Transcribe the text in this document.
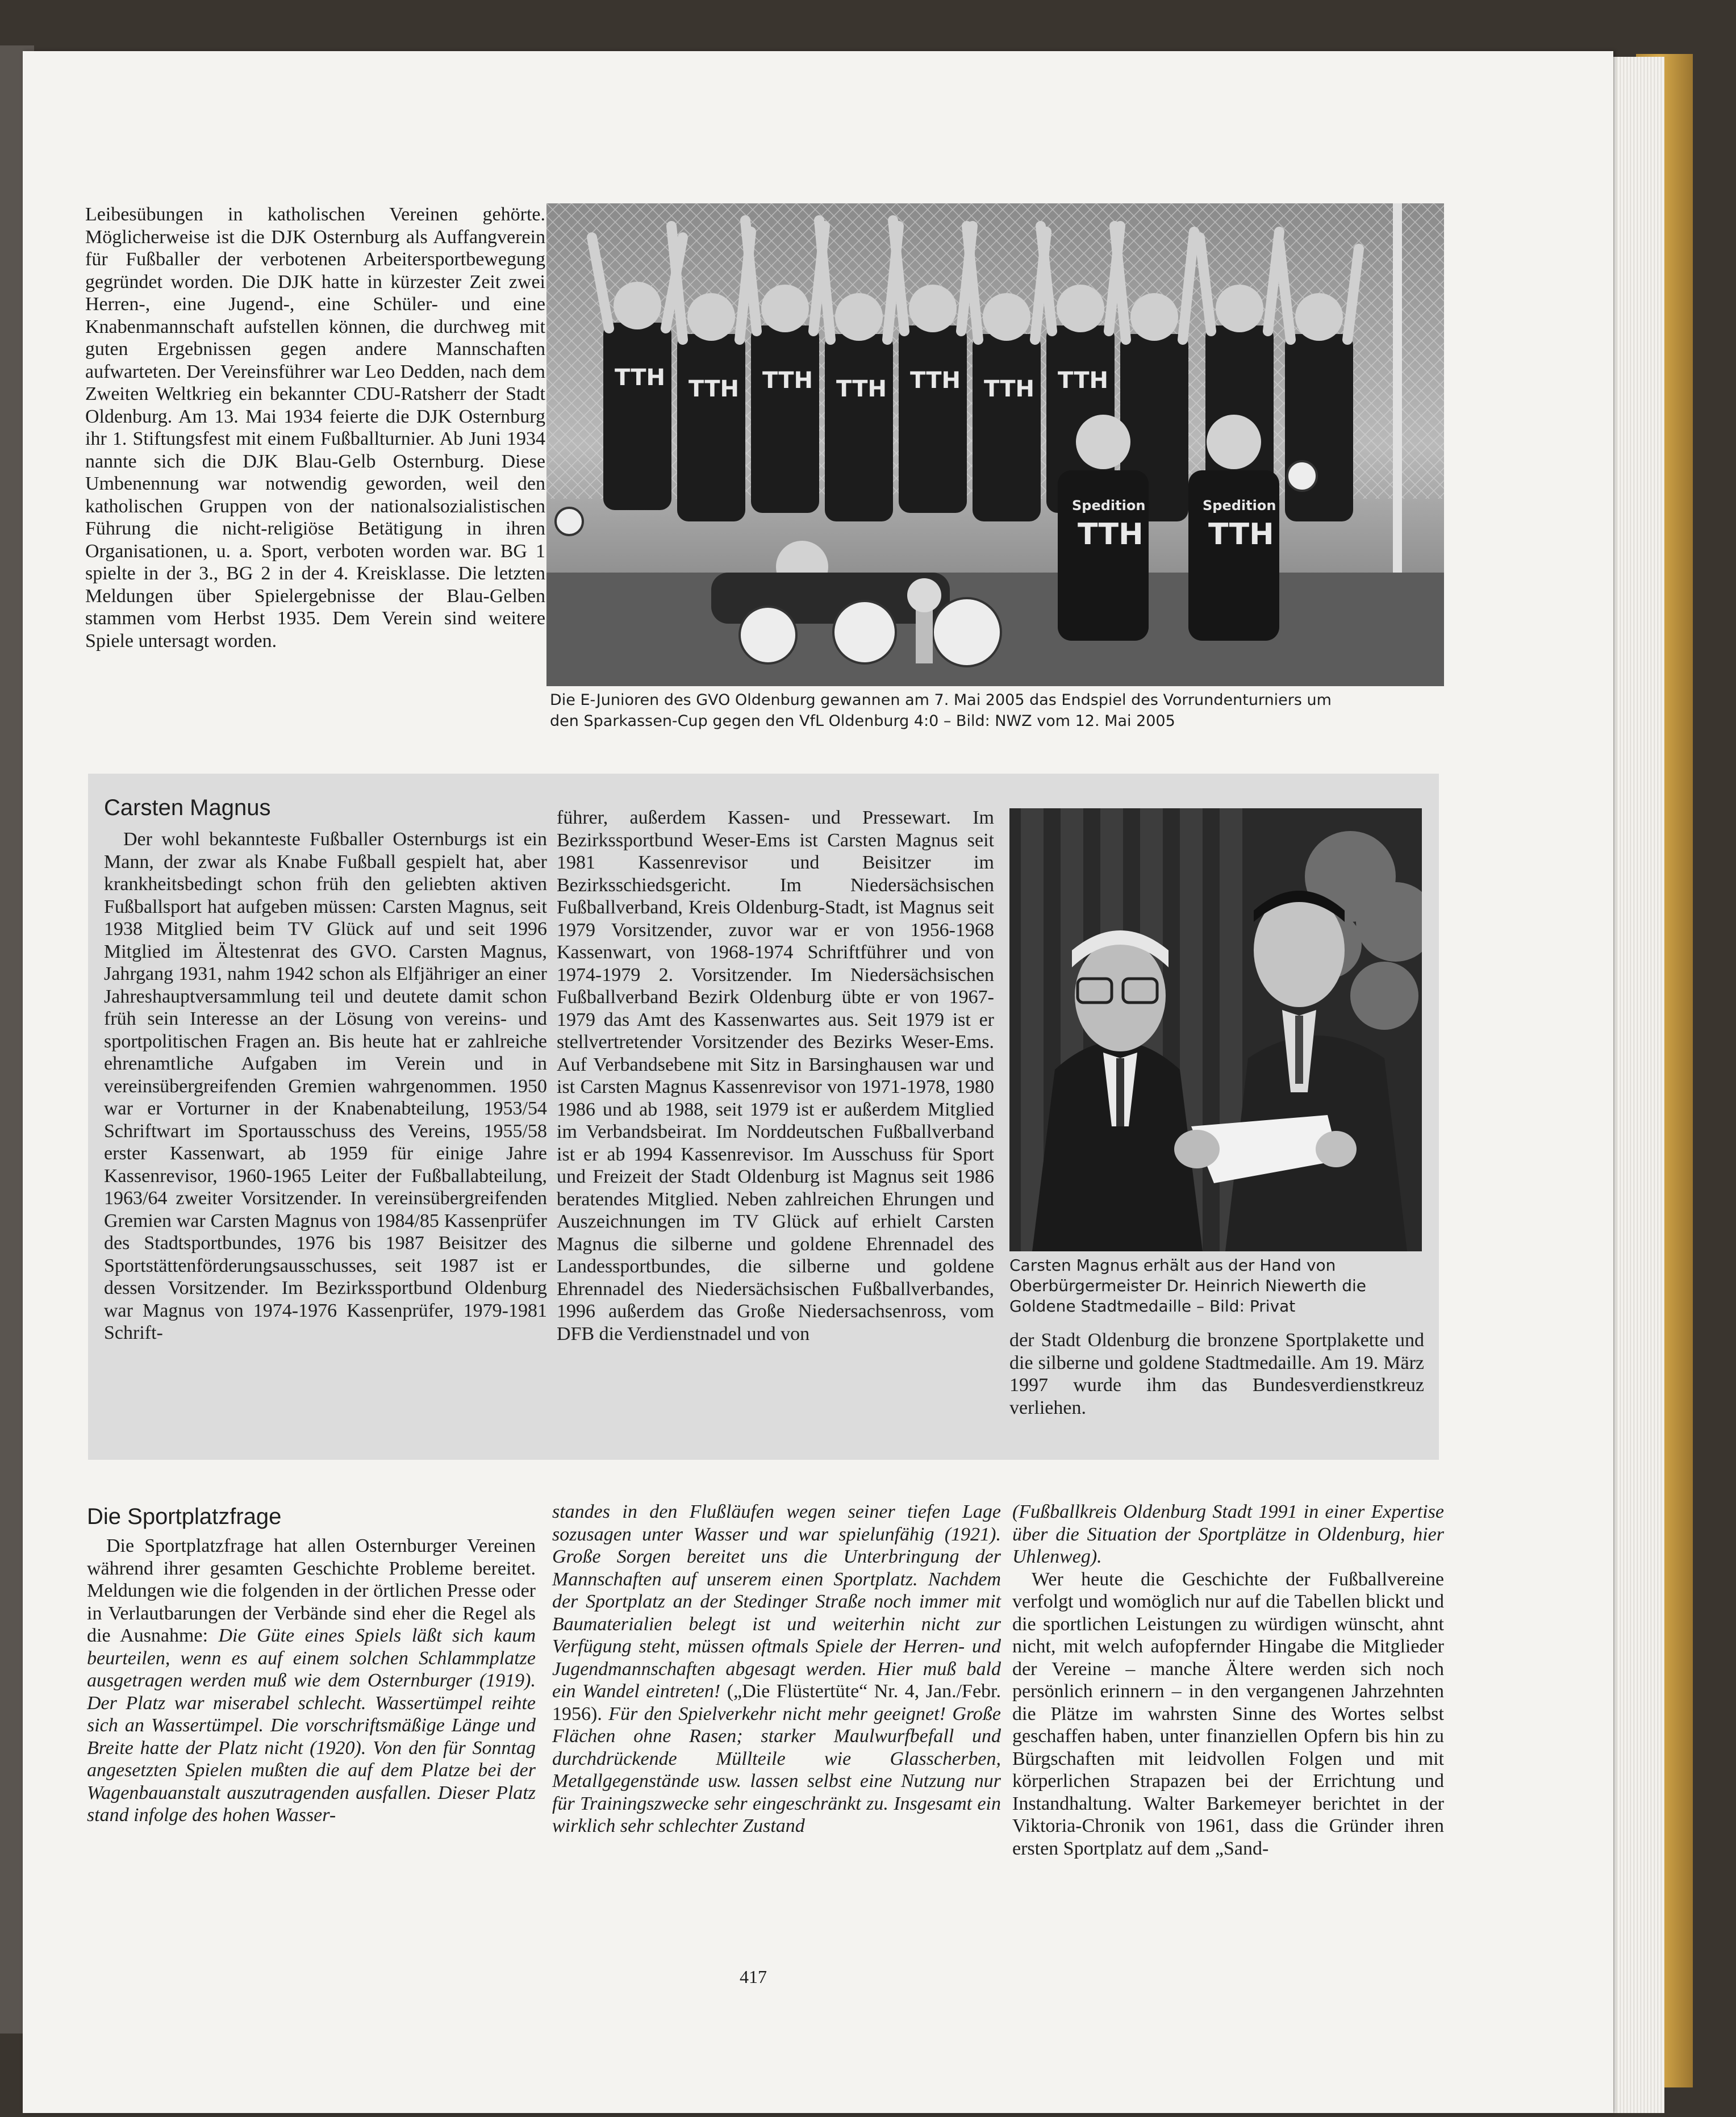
Leibesübungen in katholischen Vereinen gehörte. Möglicherweise ist die DJK Osternburg als Auffangverein für Fußballer der verbotenen Arbeitersportbewegung gegründet worden. Die DJK hatte in kürzester Zeit zwei Herren-, eine Jugend-, eine Schüler- und eine Knabenmannschaft aufstellen können, die durchweg mit guten Ergebnissen gegen andere Mannschaften aufwarteten. Der Vereinsführer war Leo Dedden, nach dem Zweiten Weltkrieg ein bekannter CDU-Ratsherr der Stadt Oldenburg. Am 13. Mai 1934 feierte die DJK Osternburg ihr 1. Stiftungsfest mit einem Fußballturnier. Ab Juni 1934 nannte sich die DJK Blau-Gelb Osternburg. Diese Umbenennung war notwendig geworden, weil den katholischen Gruppen von der nationalsozialistischen Führung die nicht-religiöse Betätigung in ihren Organisationen, u. a. Sport, verboten worden war. BG 1 spielte in der 3., BG 2 in der 4. Kreisklasse. Die letzten Meldungen über Spielergebnisse der Blau-Gelben stammen vom Herbst 1935. Dem Verein sind weitere Spiele untersagt worden.

TTH TTH TTH TTH TTH TTH TTH
TTH TTH
Spedition	Spedition
Die E-Junioren des GVO Oldenburg gewannen am 7. Mai 2005 das Endspiel des Vorrundenturniers um
den Sparkassen-Cup gegen den VfL Oldenburg 4:0 – Bild: NWZ vom 12. Mai 2005
Carsten Magnus

Der wohl bekannteste Fußballer Osternburgs ist ein Mann, der zwar als Knabe Fußball gespielt hat, aber krankheitsbedingt schon früh den geliebten aktiven Fußballsport hat aufgeben müssen: Carsten Magnus, seit 1938 Mitglied beim TV Glück auf und seit 1996 Mitglied im Ältestenrat des GVO. Carsten Magnus, Jahrgang 1931, nahm 1942 schon als Elfjähriger an einer Jahreshauptversammlung teil und deutete damit schon früh sein Interesse an der Lösung von vereins- und sportpolitischen Fragen an. Bis heute hat er zahlreiche ehrenamtliche Aufgaben im Verein und in vereinsübergreifenden Gremien wahrgenommen. 1950 war er Vorturner in der Knabenabteilung, 1953/54 Schriftwart im Sportausschuss des Vereins, 1955/58 erster Kassenwart, ab 1959 für einige Jahre Kassenrevisor, 1960-1965 Leiter der Fußballabteilung, 1963/64 zweiter Vorsitzender. In vereinsübergreifenden Gremien war Carsten Magnus von 1984/85 Kassenprüfer des Stadtsportbundes, 1976 bis 1987 Beisitzer des Sportstättenförderungsausschusses, seit 1987 ist er dessen Vorsitzender. Im Bezirkssportbund Oldenburg war Magnus von 1974-1976 Kassenprüfer, 1979-1981 Schrift-

führer, außerdem Kassen- und Pressewart. Im Bezirkssportbund Weser-Ems ist Carsten Magnus seit 1981 Kassenrevisor und Beisitzer im Bezirksschiedsgericht. Im Niedersächsischen Fußballverband, Kreis Oldenburg-Stadt, ist Magnus seit 1979 Vorsitzender, zuvor war er von 1956-1968 Kassenwart, von 1968-1974 Schriftführer und von 1974-1979 2. Vorsitzender. Im Niedersächsischen Fußballverband Bezirk Oldenburg übte er von 1967-1979 das Amt des Kassenwartes aus. Seit 1979 ist er stellvertretender Vorsitzender des Bezirks Weser-Ems. Auf Verbandsebene mit Sitz in Barsinghausen war und ist Carsten Magnus Kassenrevisor von 1971-1978, 1980 1986 und ab 1988, seit 1979 ist er außerdem Mitglied im Verbandsbeirat. Im Norddeutschen Fußballverband ist er ab 1994 Kassenrevisor. Im Ausschuss für Sport und Freizeit der Stadt Oldenburg ist Magnus seit 1986 beratendes Mitglied. Neben zahlreichen Ehrungen und Auszeichnungen im TV Glück auf erhielt Carsten Magnus die silberne und goldene Ehrennadel des Landessportbundes, die silberne und goldene Ehrennadel des Niedersächsischen Fußballverbandes, 1996 außerdem das Große Niedersachsenross, vom DFB die Verdienstnadel und von

Carsten Magnus erhält aus der Hand von
Oberbürgermeister Dr. Heinrich Niewerth die
Goldene Stadtmedaille – Bild: Privat

der Stadt Oldenburg die bronzene Sportplakette und die silberne und goldene Stadtmedaille. Am 19. März 1997 wurde ihm das Bundesverdienstkreuz verliehen.

Die Sportplatzfrage

Die Sportplatzfrage hat allen Osternburger Vereinen während ihrer gesamten Geschichte Probleme bereitet. Meldungen wie die folgenden in der örtlichen Presse oder in Verlautbarungen der Verbände sind eher die Regel als die Ausnahme: Die Güte eines Spiels läßt sich kaum beurteilen, wenn es auf einem solchen Schlammplatze ausgetragen werden muß wie dem Osternburger (1919). Der Platz war miserabel schlecht. Wassertümpel reihte sich an Wassertümpel. Die vorschriftsmäßige Länge und Breite hatte der Platz nicht (1920). Von den für Sonntag angesetzten Spielen mußten die auf dem Platze bei der Wagenbauanstalt auszutragenden ausfallen. Dieser Platz stand infolge des hohen Wasser-

standes in den Flußläufen wegen seiner tiefen Lage sozusagen unter Wasser und war spielunfähig (1921). Große Sorgen bereitet uns die Unterbringung der Mannschaften auf unserem einen Sportplatz. Nachdem der Sportplatz an der Stedinger Straße noch immer mit Baumaterialien belegt ist und weiterhin nicht zur Verfügung steht, müssen oftmals Spiele der Herren- und Jugendmannschaften abgesagt werden. Hier muß bald ein Wandel eintreten! („Die Flüstertüte“ Nr. 4, Jan./Febr. 1956). Für den Spielverkehr nicht mehr geeignet! Große Flächen ohne Rasen; starker Maulwurfbefall und durchdrückende Müllteile wie Glasscherben, Metallgegenstände usw. lassen selbst eine Nutzung nur für Trainingszwecke sehr eingeschränkt zu. Insgesamt ein wirklich sehr schlechter Zustand

(Fußballkreis Oldenburg Stadt 1991 in einer Expertise über die Situation der Sportplätze in Oldenburg, hier Uhlenweg).

Wer heute die Geschichte der Fußballvereine verfolgt und womöglich nur auf die Tabellen blickt und die sportlichen Leistungen zu würdigen wünscht, ahnt nicht, mit welch aufopfernder Hingabe die Mitglieder der Vereine – manche Ältere werden sich noch persönlich erinnern – in den vergangenen Jahrzehnten die Plätze im wahrsten Sinne des Wortes selbst geschaffen haben, unter finanziellen Opfern bis hin zu Bürgschaften mit leidvollen Folgen und mit körperlichen Strapazen bei der Errichtung und Instandhaltung. Walter Barkemeyer berichtet in der Viktoria-Chronik von 1961, dass die Gründer ihren ersten Sportplatz auf dem „Sand-

417
